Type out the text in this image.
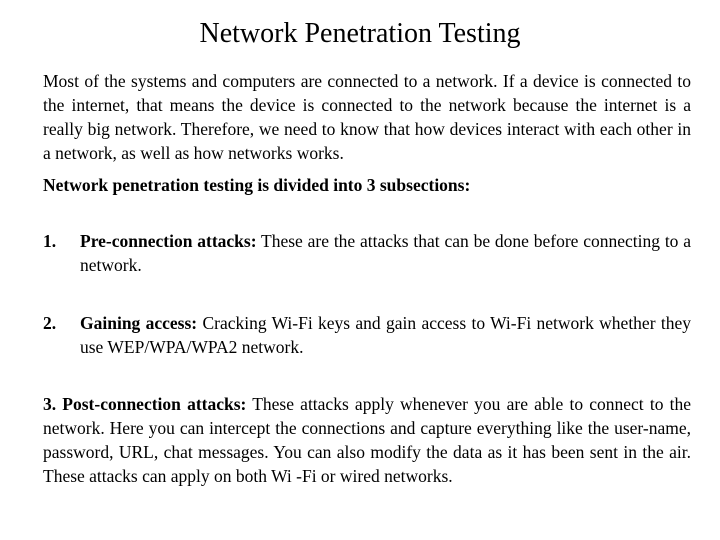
Network Penetration Testing
Most of the systems and computers are connected to a network. If a device is connected to the internet, that means the device is connected to the network because the internet is a really big network. Therefore, we need to know that how devices interact with each other in a network, as well as how networks works.
Network penetration testing is divided into 3 subsections:
1. Pre-connection attacks: These are the attacks that can be done before connecting to a network.
2. Gaining access: Cracking Wi-Fi keys and gain access to Wi-Fi network whether they use WEP/WPA/WPA2 network.
3. Post-connection attacks: These attacks apply whenever you are able to connect to the network. Here you can intercept the connections and capture everything like the user-name, password, URL, chat messages. You can also modify the data as it has been sent in the air. These attacks can apply on both Wi -Fi or wired networks.
